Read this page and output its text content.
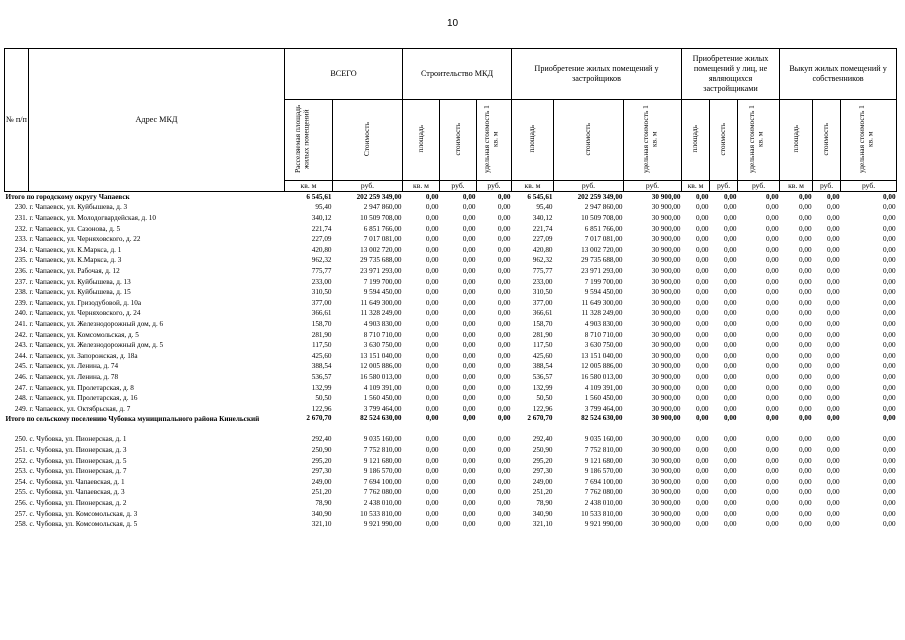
10
№ п/п	Адрес МКД	ВСЕГО		Строительство МКД			Приобретение жилых помещений у застройщиков			Приобретение жилых помещений у лиц, не являющихся застройщиками			Выкуп жилых помещений у собственников		
		Расселяемая площадь жилых помещений	Стоимость	площадь	стоимость	удельная стоимость 1 кв. м	площадь	стоимость	удельная стоимость 1 кв. м	площадь	стоимость	удельная стоимость 1 кв. м	площадь	стоимость	удельная стоимость 1 кв. м
		кв. м	руб.	кв. м	руб.	руб.	кв. м	руб.	руб.	кв. м	руб.	руб.	кв. м	руб.	руб.
Итого по городскому округу Чапаевск		6 545,61	202 259 349,00	0,00	0,00	0,00	6 545,61	202 259 349,00	30 900,00	0,00	0,00	0,00	0,00	0,00	0,00
230.	г. Чапаевск, ул. Куйбышева, д. 3	95,40	2 947 860,00	0,00	0,00	0,00	95,40	2 947 860,00	30 900,00	0,00	0,00	0,00	0,00	0,00	0,00
231.	г. Чапаевск, ул. Молодогвардейская, д. 10	340,12	10 509 708,00	0,00	0,00	0,00	340,12	10 509 708,00	30 900,00	0,00	0,00	0,00	0,00	0,00	0,00
232.	г. Чапаевск, ул. Сазонова, д. 5	221,74	6 851 766,00	0,00	0,00	0,00	221,74	6 851 766,00	30 900,00	0,00	0,00	0,00	0,00	0,00	0,00
233.	г. Чапаевск, ул. Черняховского, д. 22	227,09	7 017 081,00	0,00	0,00	0,00	227,09	7 017 081,00	30 900,00	0,00	0,00	0,00	0,00	0,00	0,00
234.	г. Чапаевск, ул. К.Маркса, д. 1	420,80	13 002 720,00	0,00	0,00	0,00	420,80	13 002 720,00	30 900,00	0,00	0,00	0,00	0,00	0,00	0,00
235.	г. Чапаевск, ул. К.Маркса, д. 3	962,32	29 735 688,00	0,00	0,00	0,00	962,32	29 735 688,00	30 900,00	0,00	0,00	0,00	0,00	0,00	0,00
236.	г. Чапаевск, ул. Рабочая, д. 12	775,77	23 971 293,00	0,00	0,00	0,00	775,77	23 971 293,00	30 900,00	0,00	0,00	0,00	0,00	0,00	0,00
237.	г. Чапаевск, ул. Куйбышева, д. 13	233,00	7 199 700,00	0,00	0,00	0,00	233,00	7 199 700,00	30 900,00	0,00	0,00	0,00	0,00	0,00	0,00
238.	г. Чапаевск, ул. Куйбышева, д. 15	310,50	9 594 450,00	0,00	0,00	0,00	310,50	9 594 450,00	30 900,00	0,00	0,00	0,00	0,00	0,00	0,00
239.	г. Чапаевск, ул. Гризодубовой, д. 10а	377,00	11 649 300,00	0,00	0,00	0,00	377,00	11 649 300,00	30 900,00	0,00	0,00	0,00	0,00	0,00	0,00
240.	г. Чапаевск, ул. Черняховского, д. 24	366,61	11 328 249,00	0,00	0,00	0,00	366,61	11 328 249,00	30 900,00	0,00	0,00	0,00	0,00	0,00	0,00
241.	г. Чапаевск, ул. Железнодорожный дом, д. 6	158,70	4 903 830,00	0,00	0,00	0,00	158,70	4 903 830,00	30 900,00	0,00	0,00	0,00	0,00	0,00	0,00
242.	г. Чапаевск, ул. Комсомольская, д. 5	281,90	8 710 710,00	0,00	0,00	0,00	281,90	8 710 710,00	30 900,00	0,00	0,00	0,00	0,00	0,00	0,00
243.	г. Чапаевск, ул. Железнодорожный дом, д. 5	117,50	3 630 750,00	0,00	0,00	0,00	117,50	3 630 750,00	30 900,00	0,00	0,00	0,00	0,00	0,00	0,00
244.	г. Чапаевск, ул. Запорожская, д. 18а	425,60	13 151 040,00	0,00	0,00	0,00	425,60	13 151 040,00	30 900,00	0,00	0,00	0,00	0,00	0,00	0,00
245.	г. Чапаевск, ул. Ленина, д. 74	388,54	12 005 886,00	0,00	0,00	0,00	388,54	12 005 886,00	30 900,00	0,00	0,00	0,00	0,00	0,00	0,00
246.	г. Чапаевск, ул. Ленина, д. 78	536,57	16 580 013,00	0,00	0,00	0,00	536,57	16 580 013,00	30 900,00	0,00	0,00	0,00	0,00	0,00	0,00
247.	г. Чапаевск, ул. Пролетарская, д. 8	132,99	4 109 391,00	0,00	0,00	0,00	132,99	4 109 391,00	30 900,00	0,00	0,00	0,00	0,00	0,00	0,00
248.	г. Чапаевск, ул. Пролетарская, д. 16	50,50	1 560 450,00	0,00	0,00	0,00	50,50	1 560 450,00	30 900,00	0,00	0,00	0,00	0,00	0,00	0,00
249.	г. Чапаевск, ул. Октябрьская, д. 7	122,96	3 799 464,00	0,00	0,00	0,00	122,96	3 799 464,00	30 900,00	0,00	0,00	0,00	0,00	0,00	0,00
Итого по сельскому поселению Чубовка муниципального района Кинельский		2 670,70	82 524 630,00	0,00	0,00	0,00	2 670,70	82 524 630,00	30 900,00	0,00	0,00	0,00	0,00	0,00	0,00
250.	с. Чубовка, ул. Пионерская, д. 1	292,40	9 035 160,00	0,00	0,00	0,00	292,40	9 035 160,00	30 900,00	0,00	0,00	0,00	0,00	0,00	0,00
251.	с. Чубовка, ул. Пионерская, д. 3	250,90	7 752 810,00	0,00	0,00	0,00	250,90	7 752 810,00	30 900,00	0,00	0,00	0,00	0,00	0,00	0,00
252.	с. Чубовка, ул. Пионерская, д. 5	295,20	9 121 680,00	0,00	0,00	0,00	295,20	9 121 680,00	30 900,00	0,00	0,00	0,00	0,00	0,00	0,00
253.	с. Чубовка, ул. Пионерская, д. 7	297,30	9 186 570,00	0,00	0,00	0,00	297,30	9 186 570,00	30 900,00	0,00	0,00	0,00	0,00	0,00	0,00
254.	с. Чубовка, ул. Чапаевская, д. 1	249,00	7 694 100,00	0,00	0,00	0,00	249,00	7 694 100,00	30 900,00	0,00	0,00	0,00	0,00	0,00	0,00
255.	с. Чубовка, ул. Чапаевская, д. 3	251,20	7 762 080,00	0,00	0,00	0,00	251,20	7 762 080,00	30 900,00	0,00	0,00	0,00	0,00	0,00	0,00
256.	с. Чубовка, ул. Пионерская, д. 2	78,90	2 438 010,00	0,00	0,00	0,00	78,90	2 438 010,00	30 900,00	0,00	0,00	0,00	0,00	0,00	0,00
257.	с. Чубовка, ул. Комсомольская, д. 3	340,90	10 533 810,00	0,00	0,00	0,00	340,90	10 533 810,00	30 900,00	0,00	0,00	0,00	0,00	0,00	0,00
258.	с. Чубовка, ул. Комсомольская, д. 5	321,10	9 921 990,00	0,00	0,00	0,00	321,10	9 921 990,00	30 900,00	0,00	0,00	0,00	0,00	0,00	0,00
